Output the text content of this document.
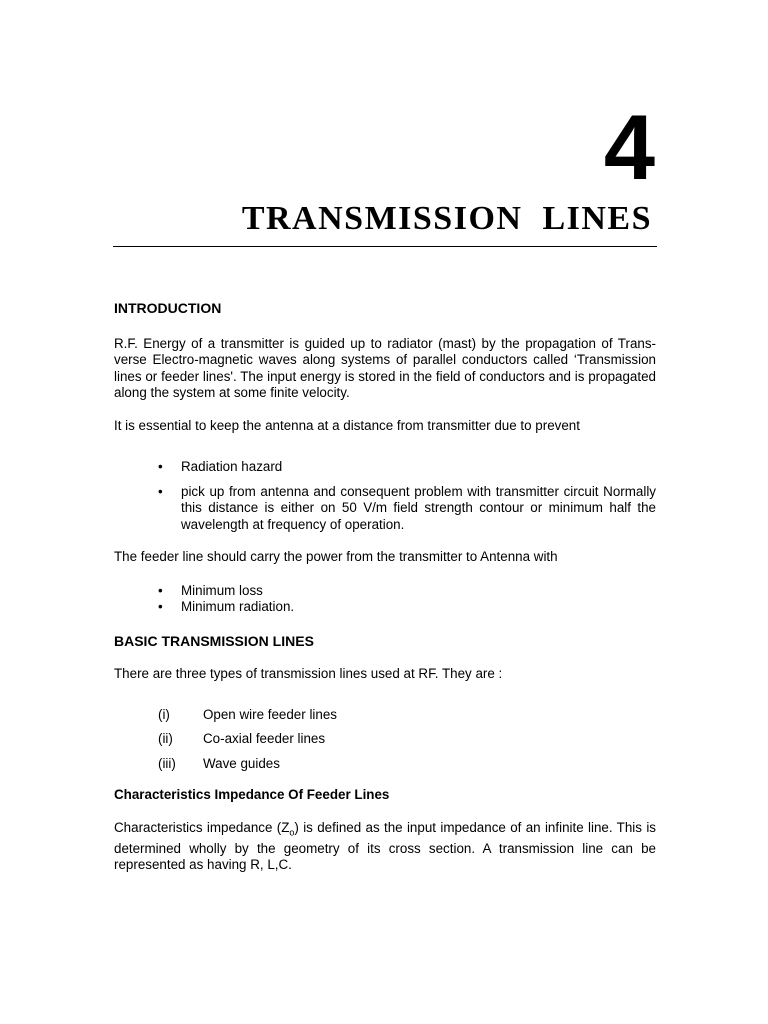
4
TRANSMISSION LINES
INTRODUCTION

R.F. Energy of a transmitter is guided up to radiator (mast) by the propagation of Trans-verse Electro-magnetic waves along systems of parallel conductors called ‘Transmission lines or feeder lines'. The input energy is stored in the field of conductors and is propagated along the system at some finite velocity.

It is essential to keep the antenna at a distance from transmitter due to prevent

• Radiation hazard
• pick up from antenna and consequent problem with transmitter circuit Normally this distance is either on 50 V/m field strength contour or minimum half the wavelength at frequency of operation.

The feeder line should carry the power from the transmitter to Antenna with

• Minimum loss
• Minimum radiation.
BASIC TRANSMISSION LINES

There are three types of transmission lines used at RF. They are :

(i) Open wire feeder lines
(ii) Co-axial feeder lines
(iii) Wave guides
Characteristics Impedance Of Feeder Lines

Characteristics impedance $(Z_o)$ is defined as the input impedance of an infinite line. This is determined wholly by the geometry of its cross section. A transmission line can be represented as having R, L,C.
